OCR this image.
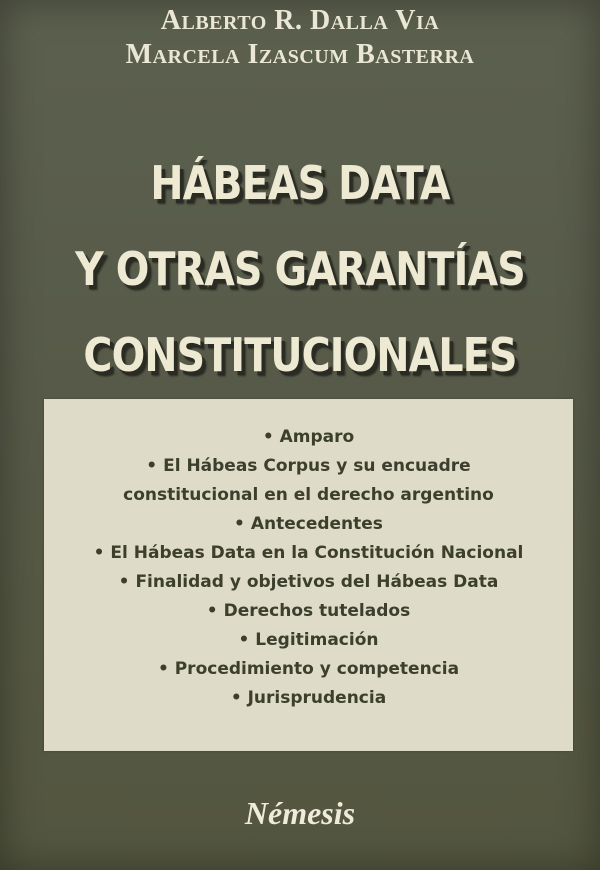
Alberto R. Dalla Via
Marcela Izascum Basterra
HÁBEAS DATA
Y OTRAS GARANTÍAS
CONSTITUCIONALES
• Amparo
• El Hábeas Corpus y su encuadre
constitucional en el derecho argentino
• Antecedentes
• El Hábeas Data en la Constitución Nacional
• Finalidad y objetivos del Hábeas Data
• Derechos tutelados
• Legitimación
• Procedimiento y competencia
• Jurisprudencia
Némesis
